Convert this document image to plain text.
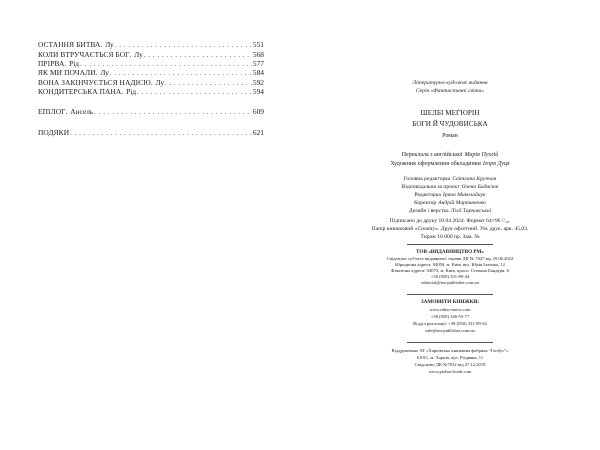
ОСТАННЯ БИТВА . Лу . . .	551
КОЛИ ВТРУЧАЄТЬСЯ БОГ . Лу . . .	568
ПРІРВА . Рід . . .	577
ЯК МИ ПОЧАЛИ . Лу . . .	584
ВОНА ЗАКІНЧУЄТЬСЯ НАДІЄЮ . Лу . . .	592
КОНДИТЕРСЬКА ПАНА . Рід . . .	594
ЕПІЛОГ . Ансель . . .	609
ПОДЯКИ . . .	621
Літературно-художнє видання
Серія «Фантастичні світи»
ШЕЛБІ МЕҐ'ЮРІН
БОГИ Й ЧУДОВИСЬКА
Роман
Переклала з англійської Марія Пухлій
Художник оформлення обкладинки Ігоря Дуця
Головна редакторка Світлана Крупчан
Відповідальна за проєкт Олена Бадасюк
Редакторка Ірина Миколайчук
Коректор Андрій Мартиненко
Дизайн і верстка Лілії Тарнавської
Підписано до друку 10.04.2024. Формат 64×96 ¹/₁₆.
Папір книжковий «Creamy». Друк офсетний. Ум. друк. арк. 45,03.
Тираж 10 000 пр. Зам. №
ТОВ «ВИДАВНИЦТВО РМ»
Свідоцтво суб'єкта видавничої справи ДК № 7627 від 29.06.2022
Юридична адреса: 04050, м. Київ, вул. Юрія Іллєнка, 12
Фактична адреса: 04073, м. Київ, просп. Степана Бандери, 6
+38 (050) 331-89-44
editorial@rm-publisher.com.ua
ЗАМОВИТИ КНИЖКИ:
www.ridno-movа.com
+38 (050) 346-55-77
Відділ реалізації: +38 (050) 331-89-44
sale@rm-publisher.com.ua
Віддруковано АТ «Харківська книжкова фабрика “Глобус”»
61011, м. Харків, вул. Різдвяна, 11
Свідоцтво ДК №7032 від 27.12.2019
www.globus-book.com
